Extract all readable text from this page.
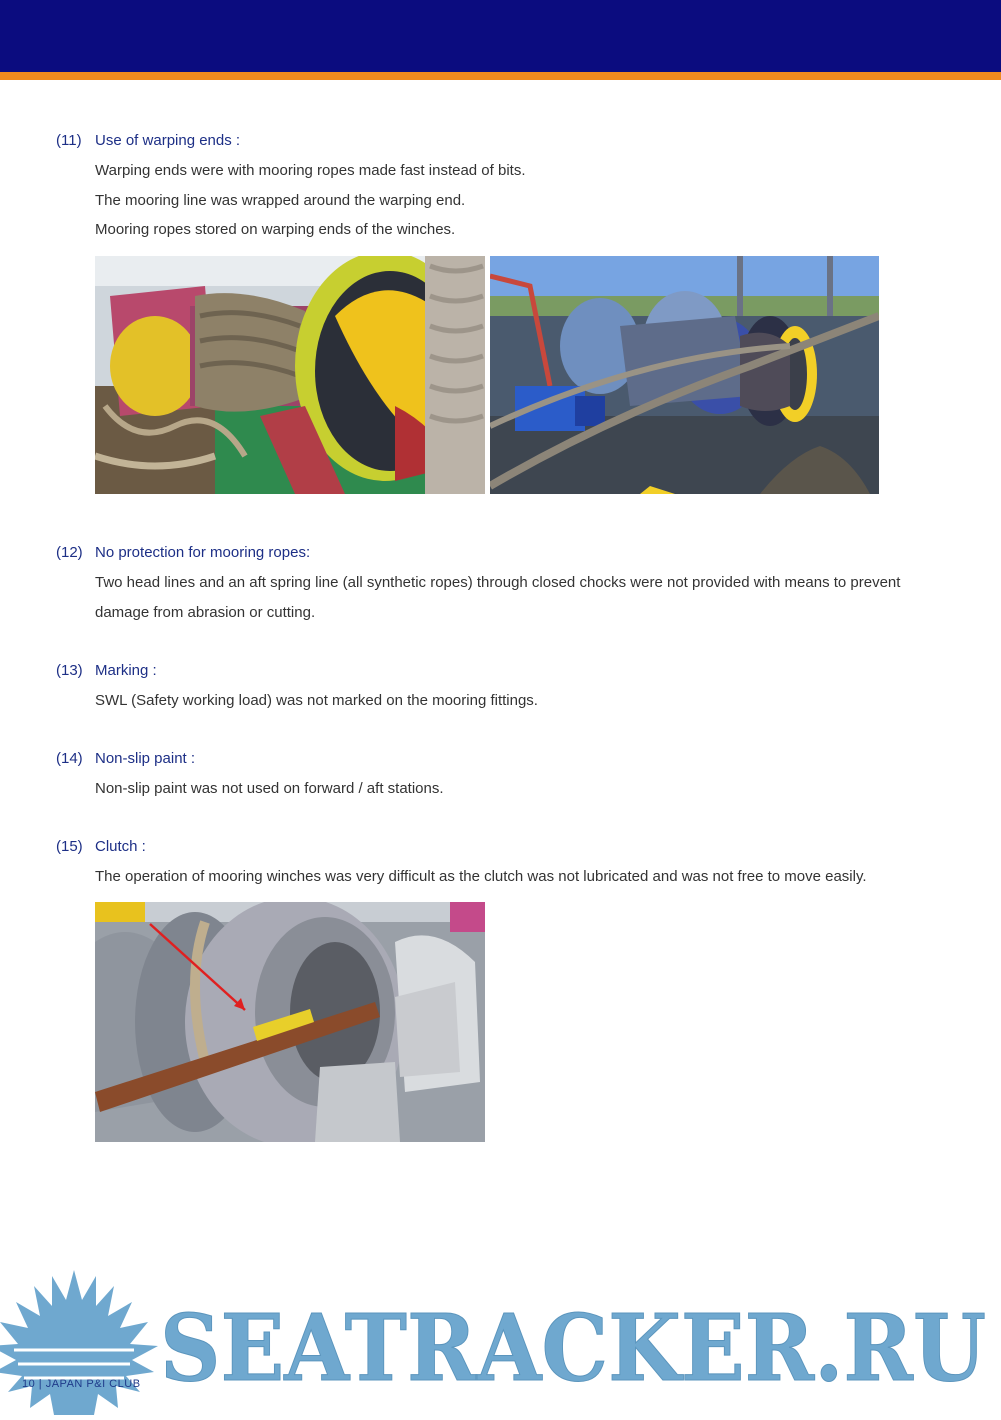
(11) Use of warping ends :
Warping ends were with mooring ropes made fast instead of bits.
The mooring line was wrapped around the warping end.
Mooring ropes stored on warping ends of the winches.
(12) No protection for mooring ropes:
Two head lines and an aft spring line (all synthetic ropes) through closed chocks were not provided with means to prevent
damage from abrasion or cutting.
(13) Marking :
SWL (Safety working load) was not marked on the mooring fittings.
(14) Non-slip paint :
Non-slip paint was not used on forward / aft stations.
(15) Clutch :
The operation of mooring winches was very difficult as the clutch was not lubricated and was not free to move easily.
SEATRACKER.RU
10 | JAPAN P&I CLUB
